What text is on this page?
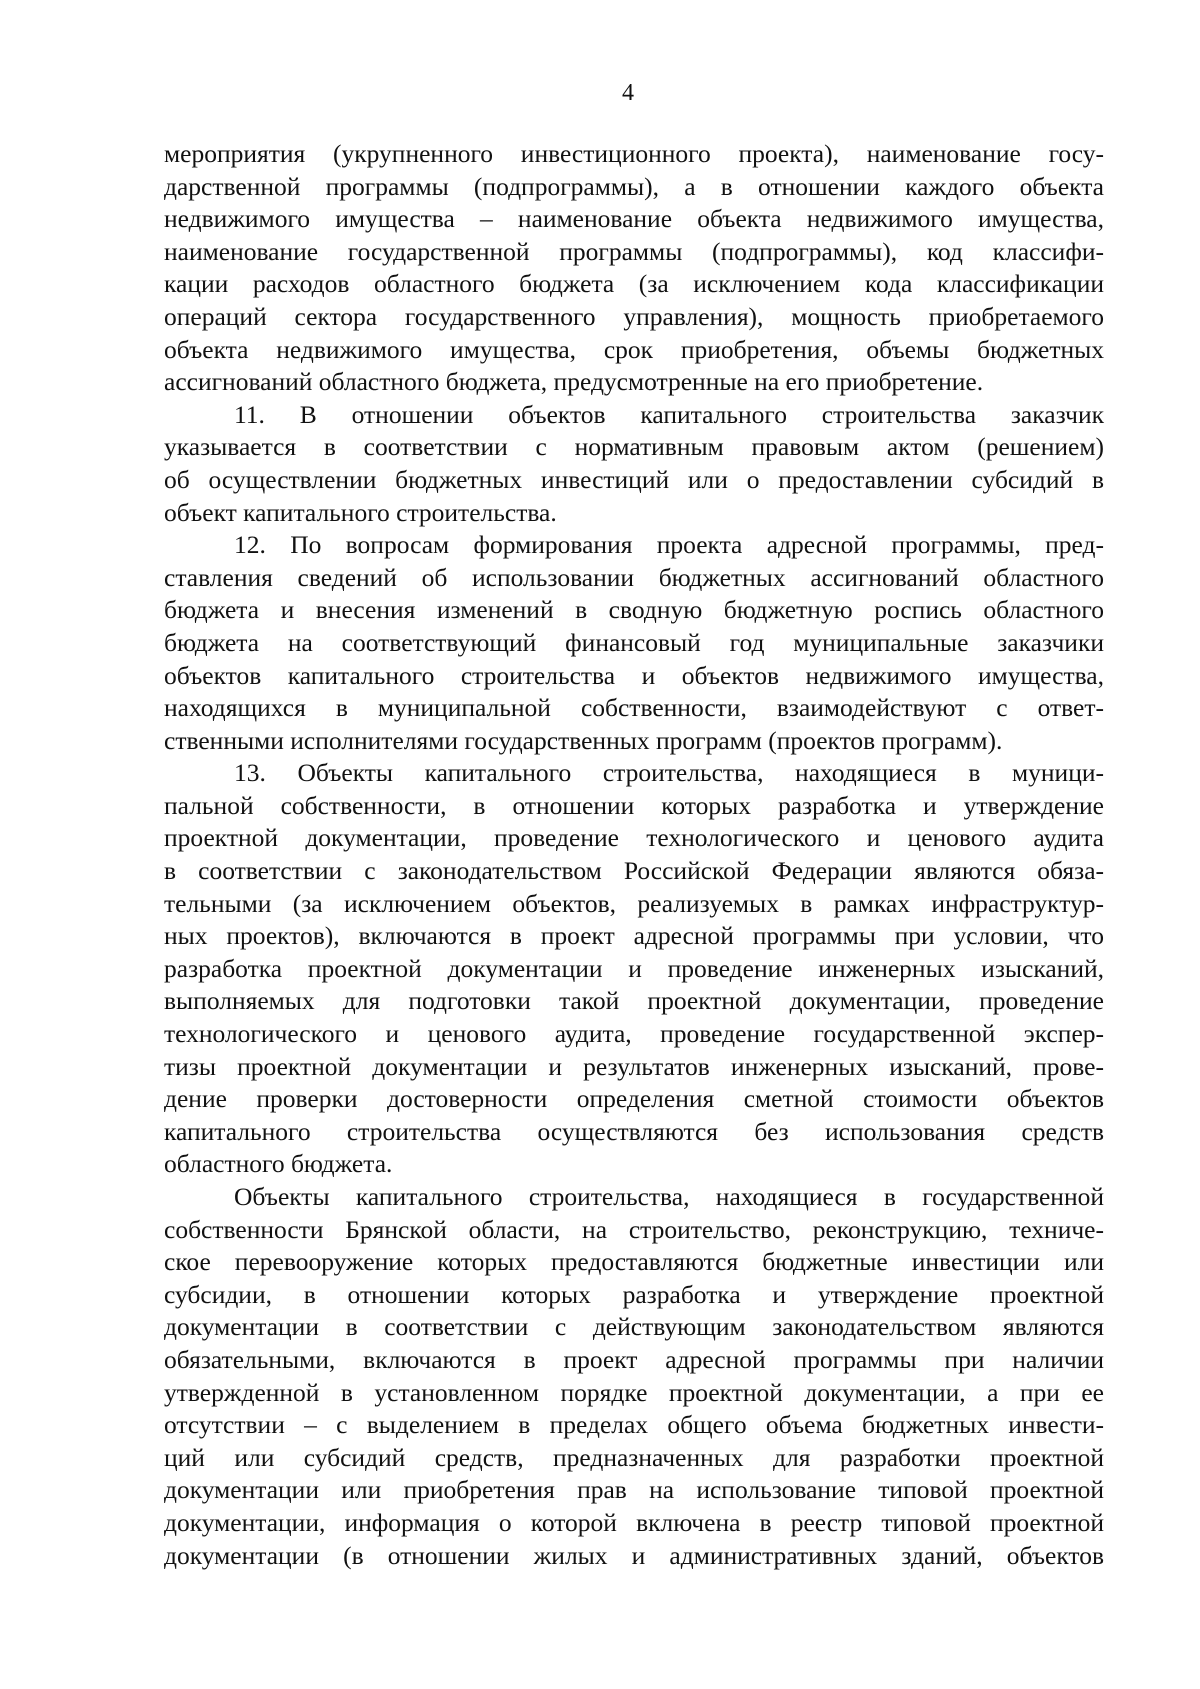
4
мероприятия (укрупненного инвестиционного проекта), наименование госу-
дарственной программы (подпрограммы), а в отношении каждого объекта
недвижимого имущества – наименование объекта недвижимого имущества,
наименование государственной программы (подпрограммы), код классифи-
кации расходов областного бюджета (за исключением кода классификации
операций сектора государственного управления), мощность приобретаемого
объекта недвижимого имущества, срок приобретения, объемы бюджетных
ассигнований областного бюджета, предусмотренные на его приобретение.
11. В отношении объектов капитального строительства заказчик
указывается в соответствии с нормативным правовым актом (решением)
об осуществлении бюджетных инвестиций или о предоставлении субсидий в
объект капитального строительства.
12. По вопросам формирования проекта адресной программы, пред-
ставления сведений об использовании бюджетных ассигнований областного
бюджета и внесения изменений в сводную бюджетную роспись областного
бюджета на соответствующий финансовый год муниципальные заказчики
объектов капитального строительства и объектов недвижимого имущества,
находящихся в муниципальной собственности, взаимодействуют с ответ-
ственными исполнителями государственных программ (проектов программ).
13. Объекты капитального строительства, находящиеся в муници-
пальной собственности, в отношении которых разработка и утверждение
проектной документации, проведение технологического и ценового аудита
в соответствии с законодательством Российской Федерации являются обяза-
тельными (за исключением объектов, реализуемых в рамках инфраструктур-
ных проектов), включаются в проект адресной программы при условии, что
разработка проектной документации и проведение инженерных изысканий,
выполняемых для подготовки такой проектной документации, проведение
технологического и ценового аудита, проведение государственной экспер-
тизы проектной документации и результатов инженерных изысканий, прове-
дение проверки достоверности определения сметной стоимости объектов
капитального строительства осуществляются без использования средств
областного бюджета.
Объекты капитального строительства, находящиеся в государственной
собственности Брянской области, на строительство, реконструкцию, техниче-
ское перевооружение которых предоставляются бюджетные инвестиции или
субсидии, в отношении которых разработка и утверждение проектной
документации в соответствии с действующим законодательством являются
обязательными, включаются в проект адресной программы при наличии
утвержденной в установленном порядке проектной документации, а при ее
отсутствии – с выделением в пределах общего объема бюджетных инвести-
ций или субсидий средств, предназначенных для разработки проектной
документации или приобретения прав на использование типовой проектной
документации, информация о которой включена в реестр типовой проектной
документации (в отношении жилых и административных зданий, объектов
